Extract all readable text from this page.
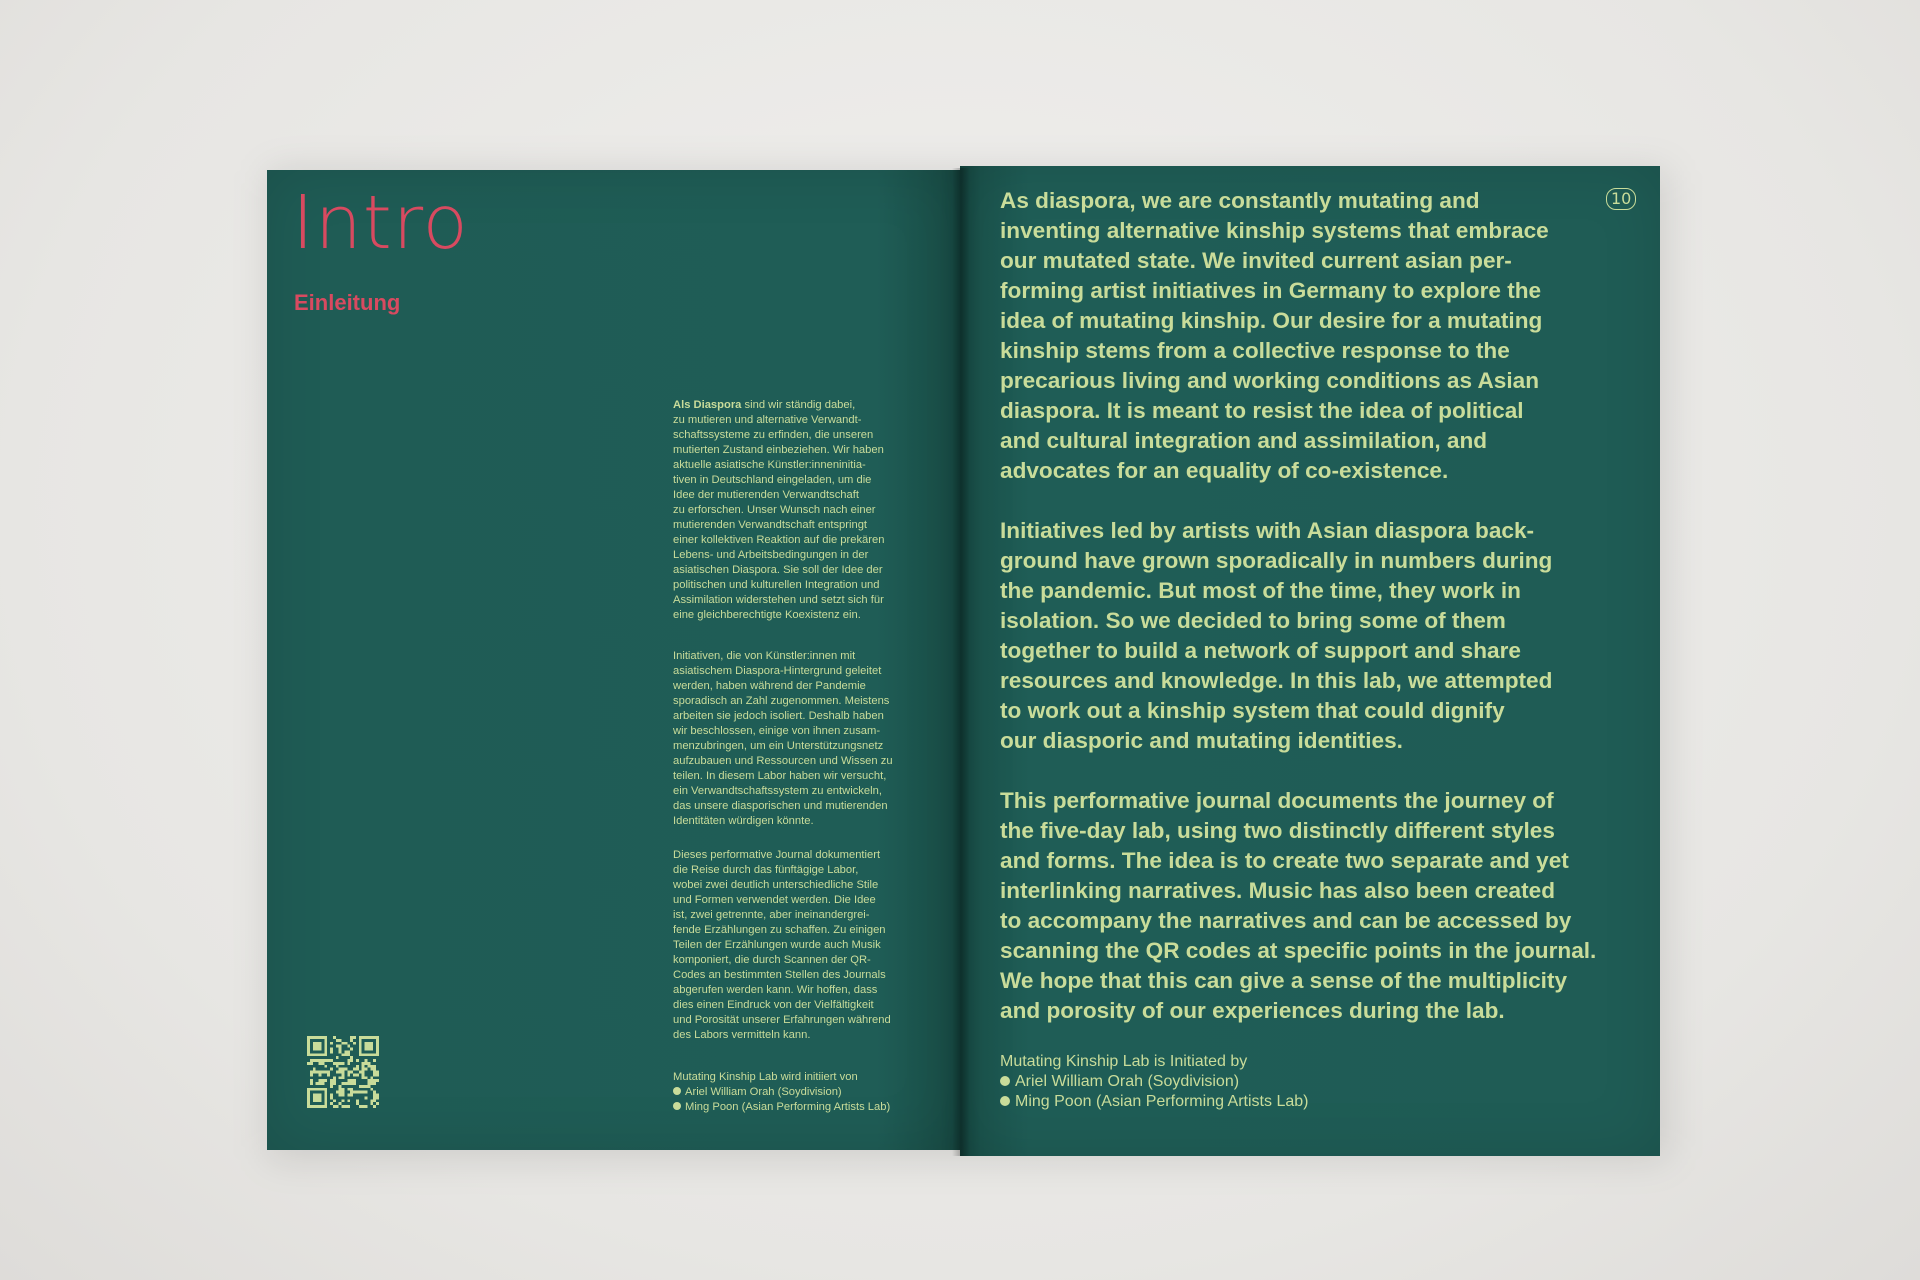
Intro
Einleitung

Als Diaspora sind wir ständig dabei,
zu mutieren und alternative Verwandt-
schaftssysteme zu erfinden, die unseren
mutierten Zustand einbeziehen. Wir haben
aktuelle asiatische Künstler:inneninitia-
tiven in Deutschland eingeladen, um die
Idee der mutierenden Verwandtschaft
zu erforschen. Unser Wunsch nach einer
mutierenden Verwandtschaft entspringt
einer kollektiven Reaktion auf die prekären
Lebens- und Arbeitsbedingungen in der
asiatischen Diaspora. Sie soll der Idee der
politischen und kulturellen Integration und
Assimilation widerstehen und setzt sich für
eine gleichberechtigte Koexistenz ein.

Initiativen, die von Künstler:innen mit
asiatischem Diaspora-Hintergrund geleitet
werden, haben während der Pandemie
sporadisch an Zahl zugenommen. Meistens
arbeiten sie jedoch isoliert. Deshalb haben
wir beschlossen, einige von ihnen zusam-
menzubringen, um ein Unterstützungsnetz
aufzubauen und Ressourcen und Wissen zu
teilen. In diesem Labor haben wir versucht,
ein Verwandtschaftssystem zu entwickeln,
das unsere diasporischen und mutierenden
Identitäten würdigen könnte.

Dieses performative Journal dokumentiert
die Reise durch das fünftägige Labor,
wobei zwei deutlich unterschiedliche Stile
und Formen verwendet werden. Die Idee
ist, zwei getrennte, aber ineinandergrei-
fende Erzählungen zu schaffen. Zu einigen
Teilen der Erzählungen wurde auch Musik
komponiert, die durch Scannen der QR-
Codes an bestimmten Stellen des Journals
abgerufen werden kann. Wir hoffen, dass
dies einen Eindruck von der Vielfältigkeit
und Porosität unserer Erfahrungen während
des Labors vermitteln kann.

Mutating Kinship Lab wird initiiert von
Ariel William Orah (Soydivision)
Ming Poon (Asian Performing Artists Lab)
10

As diaspora, we are constantly mutating and
inventing alternative kinship systems that embrace
our mutated state. We invited current asian per-
forming artist initiatives in Germany to explore the
idea of mutating kinship. Our desire for a mutating
kinship stems from a collective response to the
precarious living and working conditions as Asian
diaspora. It is meant to resist the idea of political
and cultural integration and assimilation, and
advocates for an equality of co-existence.

Initiatives led by artists with Asian diaspora back-
ground have grown sporadically in numbers during
the pandemic. But most of the time, they work in
isolation. So we decided to bring some of them
together to build a network of support and share
resources and knowledge. In this lab, we attempted
to work out a kinship system that could dignify
our diasporic and mutating identities.

This performative journal documents the journey of
the five-day lab, using two distinctly different styles
and forms. The idea is to create two separate and yet
interlinking narratives. Music has also been created
to accompany the narratives and can be accessed by
scanning the QR codes at specific points in the journal.
We hope that this can give a sense of the multiplicity
and porosity of our experiences during the lab.

Mutating Kinship Lab is Initiated by
Ariel William Orah (Soydivision)
Ming Poon (Asian Performing Artists Lab)
